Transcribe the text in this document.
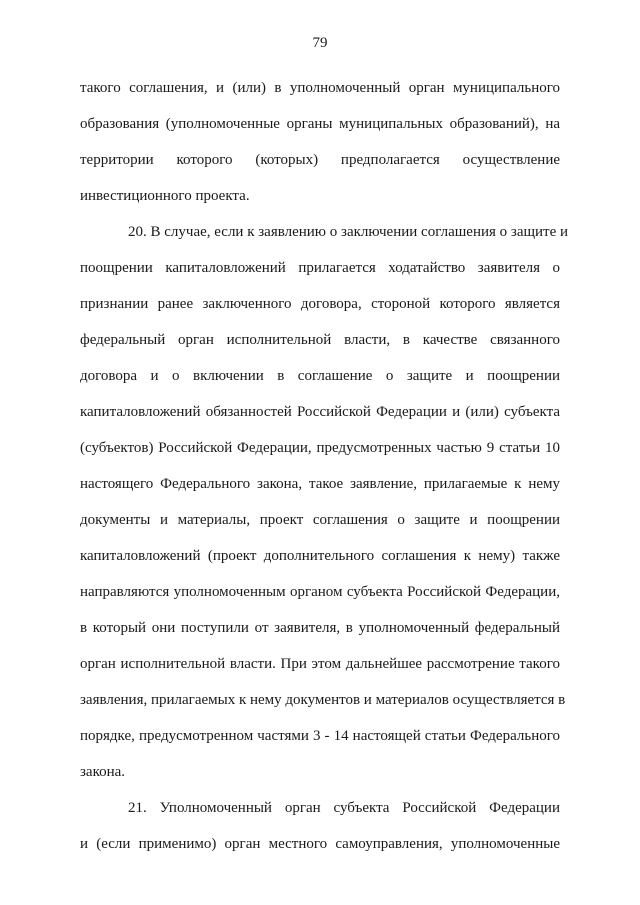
79
такого соглашения, и (или) в уполномоченный орган муниципального
образования (уполномоченные органы муниципальных образований), на
территории которого (которых) предполагается осуществление
инвестиционного проекта.
20. В случае, если к заявлению о заключении соглашения о защите и
поощрении капиталовложений прилагается ходатайство заявителя о
признании ранее заключенного договора, стороной которого является
федеральный орган исполнительной власти, в качестве связанного
договора и о включении в соглашение о защите и поощрении
капиталовложений обязанностей Российской Федерации и (или) субъекта
(субъектов) Российской Федерации, предусмотренных частью 9 статьи 10
настоящего Федерального закона, такое заявление, прилагаемые к нему
документы и материалы, проект соглашения о защите и поощрении
капиталовложений (проект дополнительного соглашения к нему) также
направляются уполномоченным органом субъекта Российской Федерации,
в который они поступили от заявителя, в уполномоченный федеральный
орган исполнительной власти. При этом дальнейшее рассмотрение такого
заявления, прилагаемых к нему документов и материалов осуществляется в
порядке, предусмотренном частями 3 - 14 настоящей статьи Федерального
закона.
21. Уполномоченный орган субъекта Российской Федерации
и (если применимо) орган местного самоуправления, уполномоченные
